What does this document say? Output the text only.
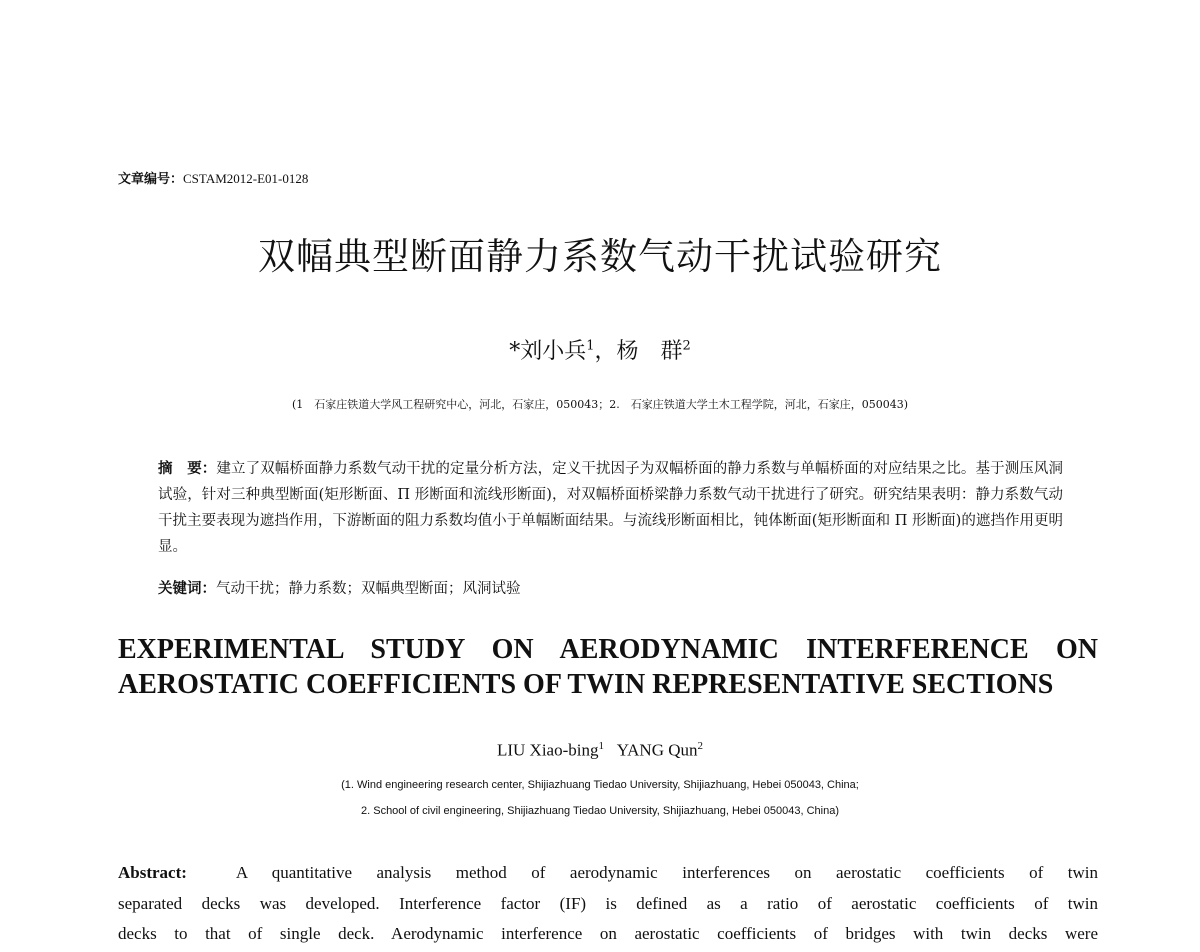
文章编号：CSTAM2012-E01-0128
双幅典型断面静力系数气动干扰试验研究
*刘小兵$^1$，杨　群$^2$
(1　石家庄铁道大学风工程研究中心，河北，石家庄，050043；2.　石家庄铁道大学土木工程学院，河北，石家庄，050043)
摘　要：建立了双幅桥面静力系数气动干扰的定量分析方法，定义干扰因子为双幅桥面的静力系数与单幅桥面的对应结果之比。基于测压风洞试验，针对三种典型断面(矩形断面、П 形断面和流线形断面)，对双幅桥面桥梁静力系数气动干扰进行了研究。研究结果表明：静力系数气动干扰主要表现为遮挡作用，下游断面的阻力系数均值小于单幅断面结果。与流线形断面相比，钝体断面(矩形断面和 П 形断面)的遮挡作用更明显。
关键词：气动干扰；静力系数；双幅典型断面；风洞试验
EXPERIMENTAL STUDY ON AERODYNAMIC INTERFERENCE ON
AEROSTATIC COEFFICIENTS OF TWIN REPRESENTATIVE SECTIONS
LIU Xiao-bing$^1$ YANG Qun$^2$
(1. Wind engineering research center, Shijiazhuang Tiedao University, Shijiazhuang, Hebei 050043, China;
2. School of civil engineering, Shijiazhuang Tiedao University, Shijiazhuang, Hebei 050043, China)
Abstract:	A quantitative analysis method of aerodynamic interferences on aerostatic coefficients of twin
separated decks was developed. Interference factor (IF) is defined as a ratio of aerostatic coefficients of twin
decks to that of single deck. Aerodynamic interference on aerostatic coefficients of bridges with twin decks were
